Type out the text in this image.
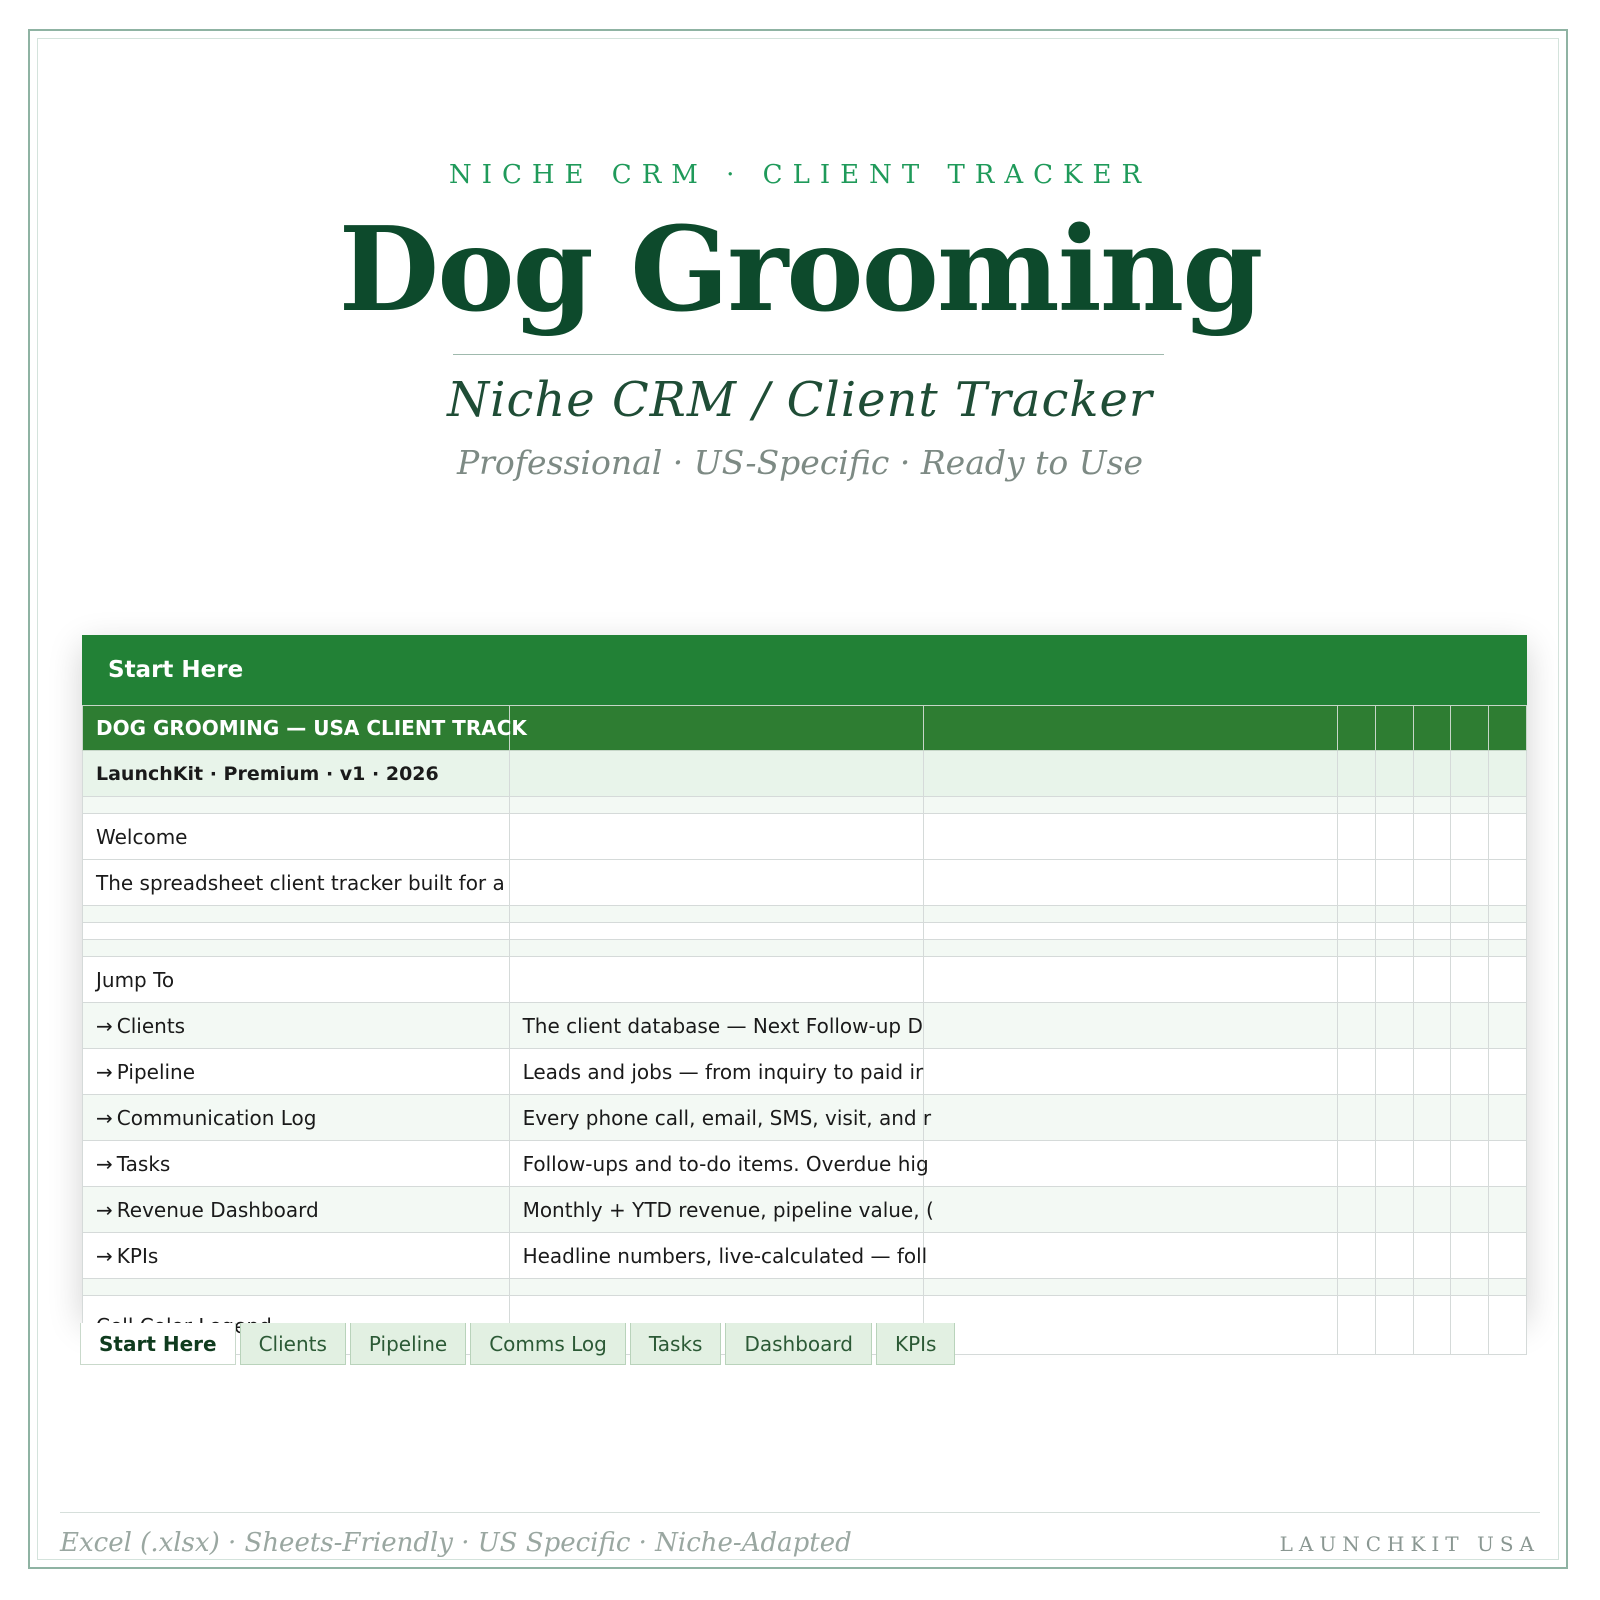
NICHE CRM · CLIENT TRACKER
Dog Grooming
Niche CRM / Client Tracker
Professional · US-Specific · Ready to Use
Start Here
DOG GROOMING — USA CLIENT TRACK							
LaunchKit · Premium · v1 · 2026							

Welcome							
The spreadsheet client tracker built for a							

Jump To							
→ Clients	The client database — Next Follow-up D						
→ Pipeline	Leads and jobs — from inquiry to paid ir						
→ Communication Log	Every phone call, email, SMS, visit, and r						
→ Tasks	Follow-ups and to-do items. Overdue hig						
→ Revenue Dashboard	Monthly + YTD revenue, pipeline value, (						
→ KPIs	Headline numbers, live-calculated — foll						

Start Here	Clients	Pipeline	Comms Log	Tasks	Dashboard	KPIs
Excel (.xlsx) · Sheets-Friendly · US Specific · Niche-Adapted	LAUNCHKIT USA
